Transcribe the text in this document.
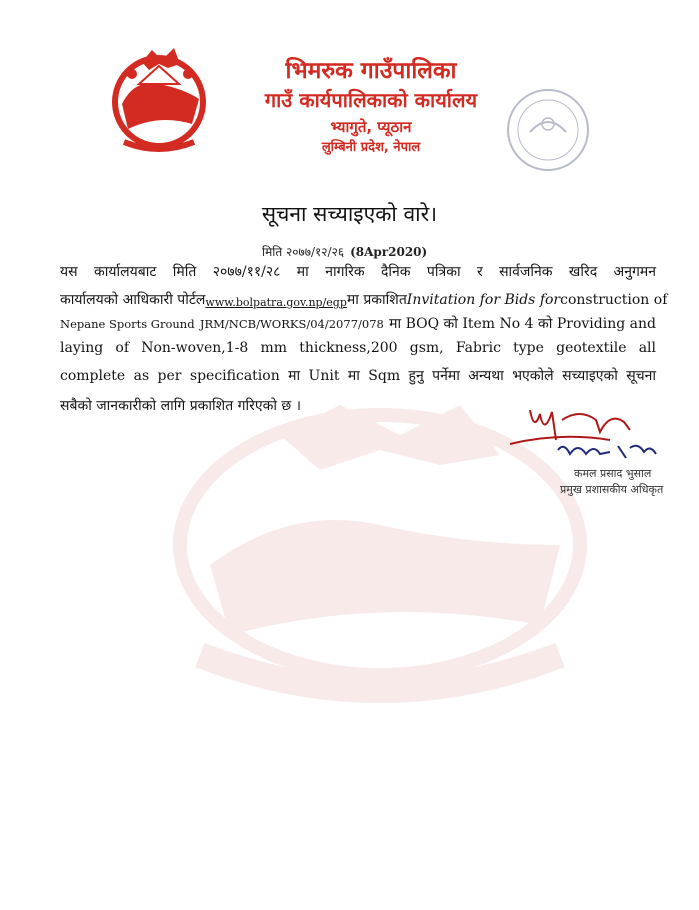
भिमरुक गाउँपालिका
गाउँ कार्यपालिकाको कार्यालय
भ्यागुते, प्यूठान
लुम्बिनी प्रदेश, नेपाल
सूचना सच्याइएको वारे।
मिति २०७७/१२/२६ (8Apr2020)
यस कार्यालयबाट मिति २०७७/११/२८ मा नागरिक दैनिक पत्रिका र सार्वजनिक खरिद अनुगमन
कार्यालयको आधिकारी पोर्टल www.bolpatra.gov.np/egp मा प्रकाशित Invitation for Bids for construction of
Nepane Sports Ground JRM/NCB/WORKS/04/2077/078 मा BOQ को Item No 4 को Providing and
laying of Non-woven,1-8 mm thickness,200 gsm, Fabric type geotextile all
complete as per specification मा Unit मा Sqm हुनु पर्नेमा अन्यथा भएकोले सच्याइएको सूचना
सबैको जानकारीको लागि प्रकाशित गरिएको छ ।
कमल प्रसाद भुसाल
प्रमुख प्रशासकीय अधिकृत
